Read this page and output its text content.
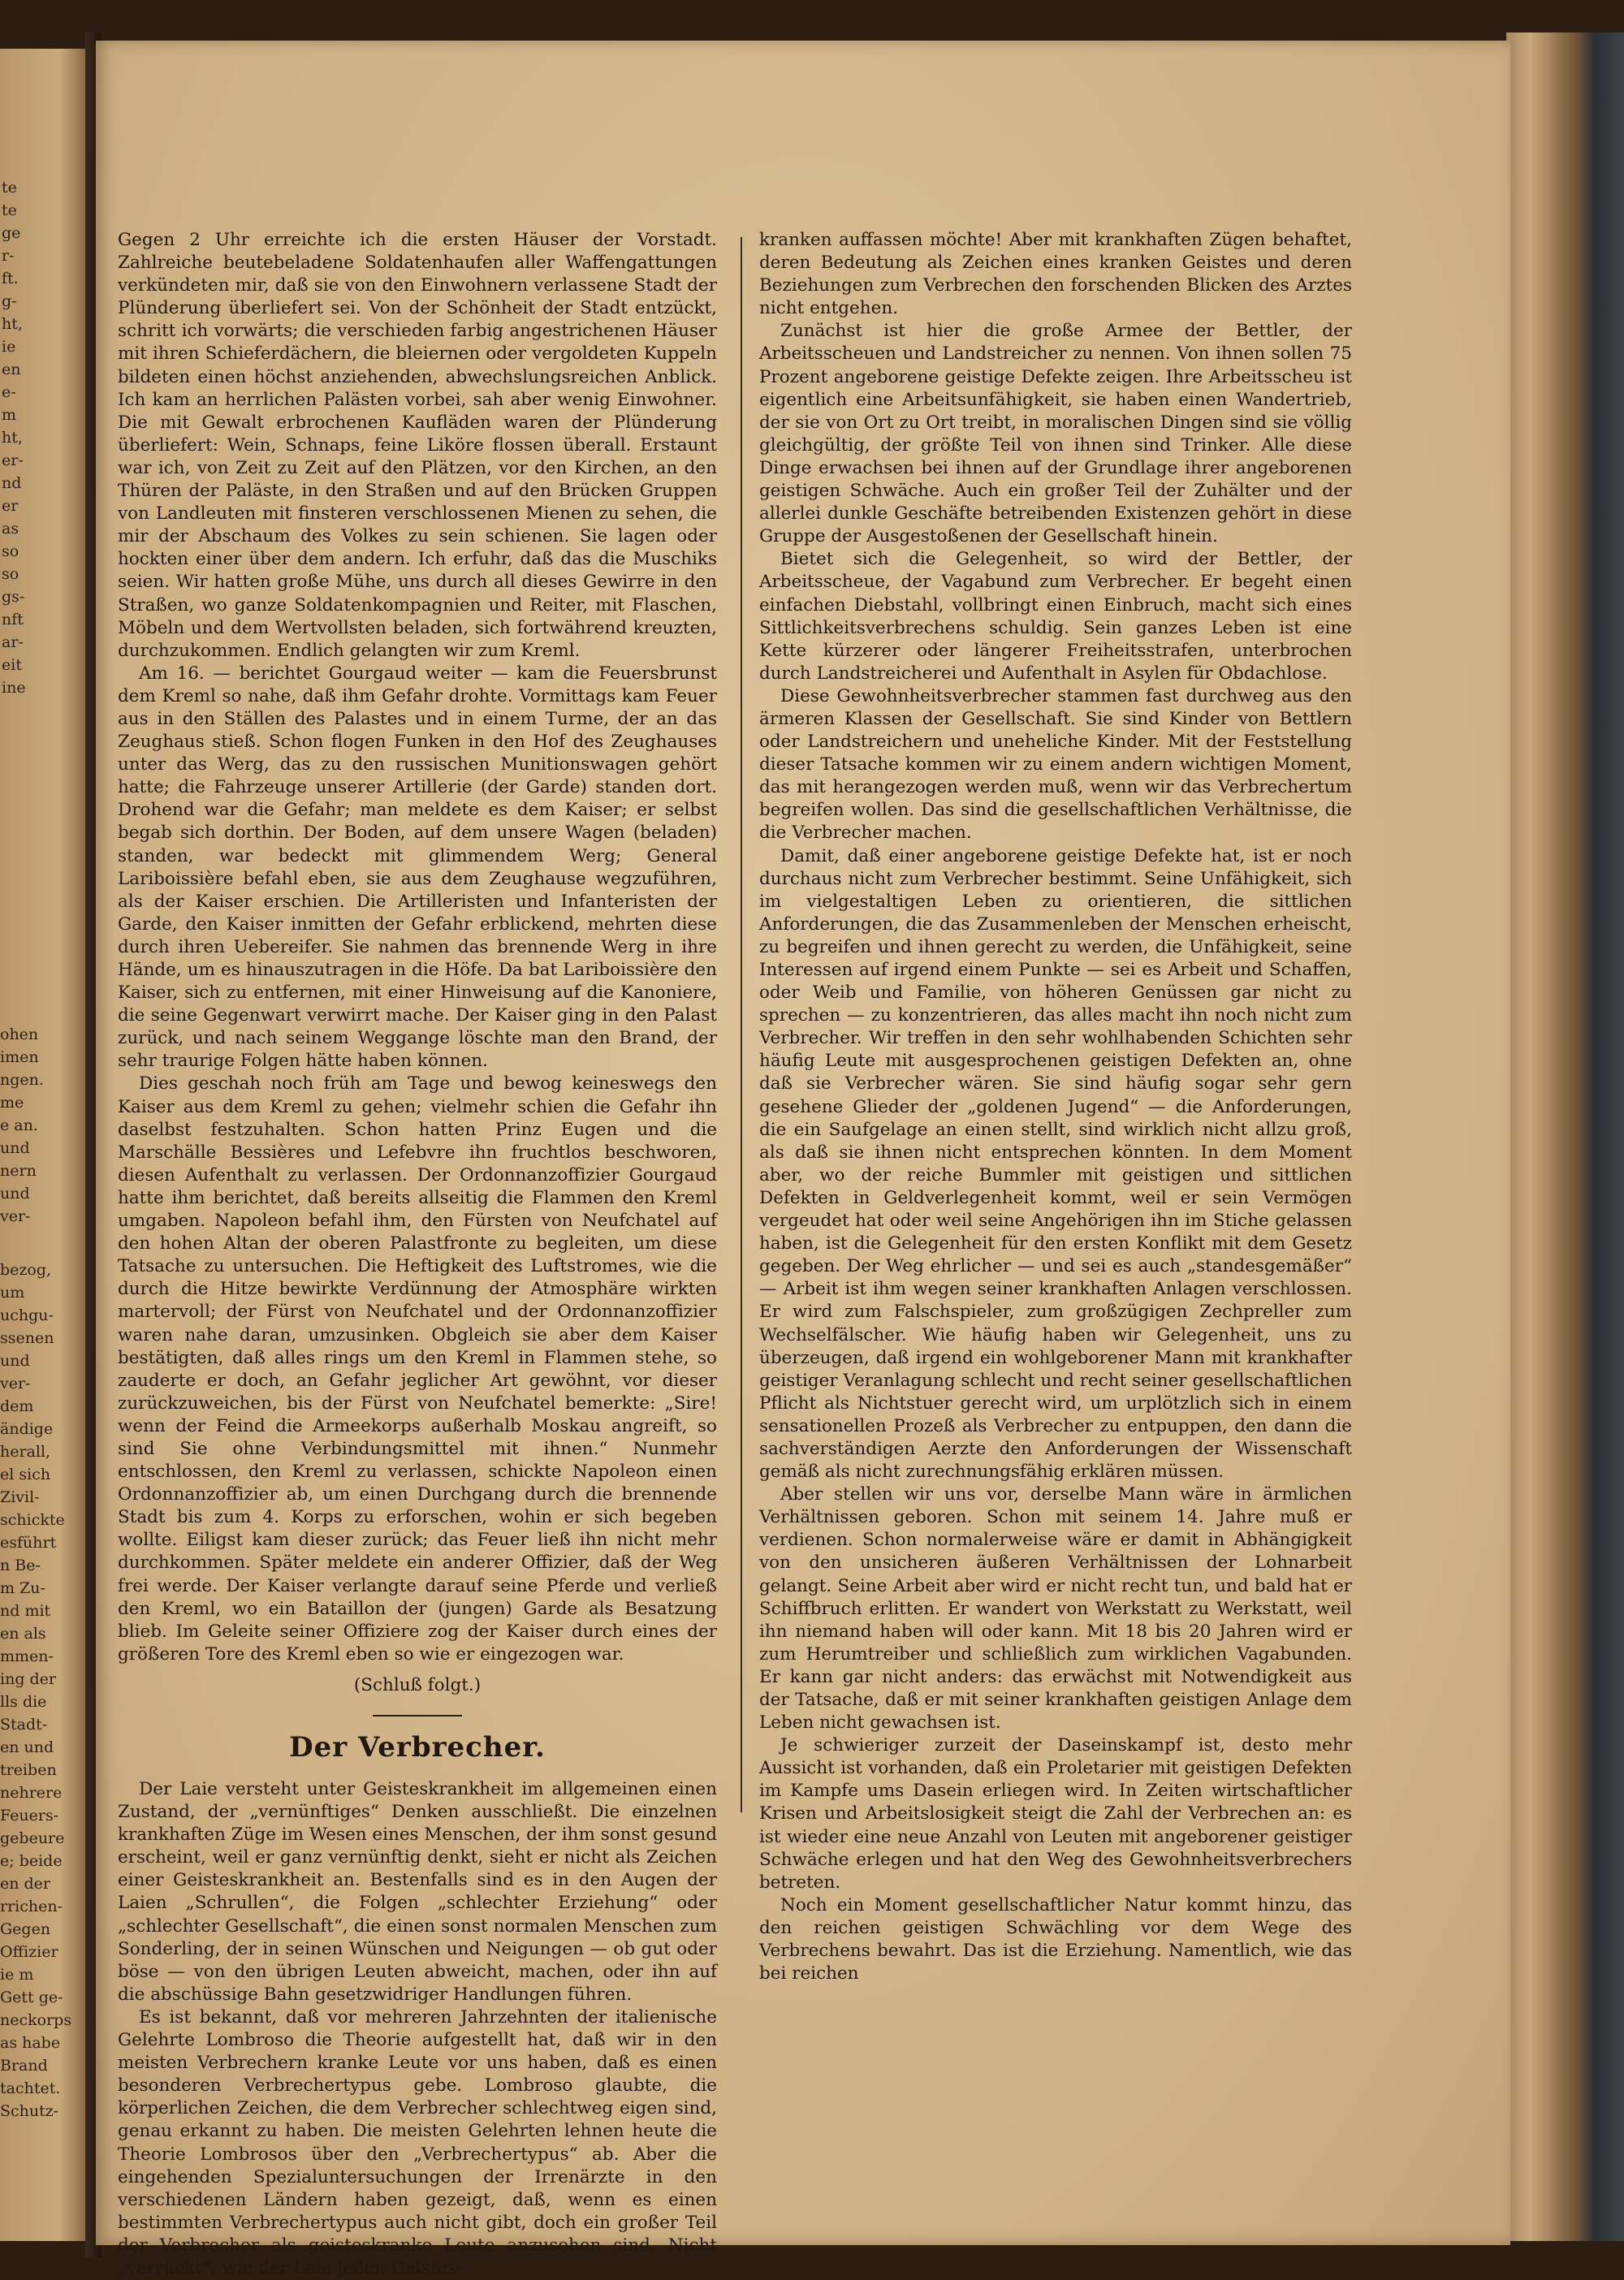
te
te
ge
r-
ft.
g-
ht,
ie
en
e-
m
ht,
er-
nd
er
as
so
so
gs-
nft
ar-
eit
ine
ohen
imen
ngen.
me
e an.
und
nern
und
ver-
bezog,
um
uchgu-
ssenen
und
ver-
dem
ändige
herall,
el sich
Zivil-
schickte
esführt
n Be-
m Zu-
nd mit
en als
mmen-
ing der
lls die
Stadt-
en und
treiben
nehrere
Feuers-
gebeure
e; beide
en der
rrichen-
Gegen
Offizier
ie m
Gett ge-
neckorps
as habe
Brand
tachtet.
Schutz-

Gegen 2 Uhr erreichte ich die ersten Häuser der Vorstadt. Zahlreiche beutebeladene Soldatenhaufen aller Waffengattungen verkündeten mir, daß sie von den Einwohnern verlassene Stadt der Plünderung überliefert sei. Von der Schönheit der Stadt entzückt, schritt ich vorwärts; die verschieden farbig angestrichenen Häuser mit ihren Schieferdächern, die bleiernen oder vergoldeten Kuppeln bildeten einen höchst anziehenden, abwechslungsreichen Anblick. Ich kam an herrlichen Palästen vorbei, sah aber wenig Einwohner. Die mit Gewalt erbrochenen Kaufläden waren der Plünderung überliefert: Wein, Schnaps, feine Liköre flossen überall. Erstaunt war ich, von Zeit zu Zeit auf den Plätzen, vor den Kirchen, an den Thüren der Paläste, in den Straßen und auf den Brücken Gruppen von Landleuten mit finsteren verschlossenen Mienen zu sehen, die mir der Abschaum des Volkes zu sein schienen. Sie lagen oder hockten einer über dem andern. Ich erfuhr, daß das die Muschiks seien. Wir hatten große Mühe, uns durch all dieses Gewirre in den Straßen, wo ganze Soldatenkompagnien und Reiter, mit Flaschen, Möbeln und dem Wertvollsten beladen, sich fortwährend kreuzten, durchzukommen. Endlich gelangten wir zum Kreml.

Am 16. — berichtet Gourgaud weiter — kam die Feuersbrunst dem Kreml so nahe, daß ihm Gefahr drohte. Vormittags kam Feuer aus in den Ställen des Palastes und in einem Turme, der an das Zeughaus stieß. Schon flogen Funken in den Hof des Zeughauses unter das Werg, das zu den russischen Munitionswagen gehört hatte; die Fahrzeuge unserer Artillerie (der Garde) standen dort. Drohend war die Gefahr; man meldete es dem Kaiser; er selbst begab sich dorthin. Der Boden, auf dem unsere Wagen (beladen) standen, war bedeckt mit glimmendem Werg; General Lariboissière befahl eben, sie aus dem Zeughause wegzuführen, als der Kaiser erschien. Die Artilleristen und Infanteristen der Garde, den Kaiser inmitten der Gefahr erblickend, mehrten diese durch ihren Uebereifer. Sie nahmen das brennende Werg in ihre Hände, um es hinauszutragen in die Höfe. Da bat Lariboissière den Kaiser, sich zu entfernen, mit einer Hinweisung auf die Kanoniere, die seine Gegenwart verwirrt mache. Der Kaiser ging in den Palast zurück, und nach seinem Weggange löschte man den Brand, der sehr traurige Folgen hätte haben können.

Dies geschah noch früh am Tage und bewog keineswegs den Kaiser aus dem Kreml zu gehen; vielmehr schien die Gefahr ihn daselbst festzuhalten. Schon hatten Prinz Eugen und die Marschälle Bessières und Lefebvre ihn fruchtlos beschworen, diesen Aufenthalt zu verlassen. Der Ordonnanzoffizier Gourgaud hatte ihm berichtet, daß bereits allseitig die Flammen den Kreml umgaben. Napoleon befahl ihm, den Fürsten von Neufchatel auf den hohen Altan der oberen Palastfronte zu begleiten, um diese Tatsache zu untersuchen. Die Heftigkeit des Luftstromes, wie die durch die Hitze bewirkte Verdünnung der Atmosphäre wirkten martervoll; der Fürst von Neufchatel und der Ordonnanzoffizier waren nahe daran, umzusinken. Obgleich sie aber dem Kaiser bestätigten, daß alles rings um den Kreml in Flammen stehe, so zauderte er doch, an Gefahr jeglicher Art gewöhnt, vor dieser zurückzuweichen, bis der Fürst von Neufchatel bemerkte: „Sire! wenn der Feind die Armeekorps außerhalb Moskau angreift, so sind Sie ohne Verbindungsmittel mit ihnen.“ Nunmehr entschlossen, den Kreml zu verlassen, schickte Napoleon einen Ordonnanzoffizier ab, um einen Durchgang durch die brennende Stadt bis zum 4. Korps zu erforschen, wohin er sich begeben wollte. Eiligst kam dieser zurück; das Feuer ließ ihn nicht mehr durchkommen. Später meldete ein anderer Offizier, daß der Weg frei werde. Der Kaiser verlangte darauf seine Pferde und verließ den Kreml, wo ein Bataillon der (jungen) Garde als Besatzung blieb. Im Geleite seiner Offiziere zog der Kaiser durch eines der größeren Tore des Kreml eben so wie er eingezogen war.

(Schluß folgt.)

Der Verbrecher.

Der Laie versteht unter Geisteskrankheit im allgemeinen einen Zustand, der „vernünftiges“ Denken ausschließt. Die einzelnen krankhaften Züge im Wesen eines Menschen, der ihm sonst gesund erscheint, weil er ganz vernünftig denkt, sieht er nicht als Zeichen einer Geisteskrankheit an. Bestenfalls sind es in den Augen der Laien „Schrullen“, die Folgen „schlechter Erziehung“ oder „schlechter Gesellschaft“, die einen sonst normalen Menschen zum Sonderling, der in seinen Wünschen und Neigungen — ob gut oder böse — von den übrigen Leuten abweicht, machen, oder ihn auf die abschüssige Bahn gesetzwidriger Handlungen führen.

Es ist bekannt, daß vor mehreren Jahrzehnten der italienische Gelehrte Lombroso die Theorie aufgestellt hat, daß wir in den meisten Verbrechern kranke Leute vor uns haben, daß es einen besonderen Verbrechertypus gebe. Lombroso glaubte, die körperlichen Zeichen, die dem Verbrecher schlechtweg eigen sind, genau erkannt zu haben. Die meisten Gelehrten lehnen heute die Theorie Lombrosos über den „Verbrechertypus“ ab. Aber die eingehenden Spezialuntersuchungen der Irrenärzte in den verschiedenen Ländern haben gezeigt, daß, wenn es einen bestimmten Verbrechertypus auch nicht gibt, doch ein großer Teil der Verbrecher als geisteskranke Leute anzusehen sind. Nicht „verrückt“, wie der Laie jeden Geistes-

kranken auffassen möchte! Aber mit krankhaften Zügen behaftet, deren Bedeutung als Zeichen eines kranken Geistes und deren Beziehungen zum Verbrechen den forschenden Blicken des Arztes nicht entgehen.

Zunächst ist hier die große Armee der Bettler, der Arbeitsscheuen und Landstreicher zu nennen. Von ihnen sollen 75 Prozent angeborene geistige Defekte zeigen. Ihre Arbeitsscheu ist eigentlich eine Arbeitsunfähigkeit, sie haben einen Wandertrieb, der sie von Ort zu Ort treibt, in moralischen Dingen sind sie völlig gleichgültig, der größte Teil von ihnen sind Trinker. Alle diese Dinge erwachsen bei ihnen auf der Grundlage ihrer angeborenen geistigen Schwäche. Auch ein großer Teil der Zuhälter und der allerlei dunkle Geschäfte betreibenden Existenzen gehört in diese Gruppe der Ausgestoßenen der Gesellschaft hinein.

Bietet sich die Gelegenheit, so wird der Bettler, der Arbeitsscheue, der Vagabund zum Verbrecher. Er begeht einen einfachen Diebstahl, vollbringt einen Einbruch, macht sich eines Sittlichkeitsverbrechens schuldig. Sein ganzes Leben ist eine Kette kürzerer oder längerer Freiheitsstrafen, unterbrochen durch Landstreicherei und Aufenthalt in Asylen für Obdachlose.

Diese Gewohnheitsverbrecher stammen fast durchweg aus den ärmeren Klassen der Gesellschaft. Sie sind Kinder von Bettlern oder Landstreichern und uneheliche Kinder. Mit der Feststellung dieser Tatsache kommen wir zu einem andern wichtigen Moment, das mit herangezogen werden muß, wenn wir das Verbrechertum begreifen wollen. Das sind die gesellschaftlichen Verhältnisse, die die Verbrecher machen.

Damit, daß einer angeborene geistige Defekte hat, ist er noch durchaus nicht zum Verbrecher bestimmt. Seine Unfähigkeit, sich im vielgestaltigen Leben zu orientieren, die sittlichen Anforderungen, die das Zusammenleben der Menschen erheischt, zu begreifen und ihnen gerecht zu werden, die Unfähigkeit, seine Interessen auf irgend einem Punkte — sei es Arbeit und Schaffen, oder Weib und Familie, von höheren Genüssen gar nicht zu sprechen — zu konzentrieren, das alles macht ihn noch nicht zum Verbrecher. Wir treffen in den sehr wohlhabenden Schichten sehr häufig Leute mit ausgesprochenen geistigen Defekten an, ohne daß sie Verbrecher wären. Sie sind häufig sogar sehr gern gesehene Glieder der „goldenen Jugend“ — die Anforderungen, die ein Saufgelage an einen stellt, sind wirklich nicht allzu groß, als daß sie ihnen nicht entsprechen könnten. In dem Moment aber, wo der reiche Bummler mit geistigen und sittlichen Defekten in Geldverlegenheit kommt, weil er sein Vermögen vergeudet hat oder weil seine Angehörigen ihn im Stiche gelassen haben, ist die Gelegenheit für den ersten Konflikt mit dem Gesetz gegeben. Der Weg ehrlicher — und sei es auch „standesgemäßer“ — Arbeit ist ihm wegen seiner krankhaften Anlagen verschlossen. Er wird zum Falschspieler, zum großzügigen Zechpreller zum Wechselfälscher. Wie häufig haben wir Gelegenheit, uns zu überzeugen, daß irgend ein wohlgeborener Mann mit krankhafter geistiger Veranlagung schlecht und recht seiner gesellschaftlichen Pflicht als Nichtstuer gerecht wird, um urplötzlich sich in einem sensationellen Prozeß als Verbrecher zu entpuppen, den dann die sachverständigen Aerzte den Anforderungen der Wissenschaft gemäß als nicht zurechnungsfähig erklären müssen.

Aber stellen wir uns vor, derselbe Mann wäre in ärmlichen Verhältnissen geboren. Schon mit seinem 14. Jahre muß er verdienen. Schon normalerweise wäre er damit in Abhängigkeit von den unsicheren äußeren Verhältnissen der Lohnarbeit gelangt. Seine Arbeit aber wird er nicht recht tun, und bald hat er Schiffbruch erlitten. Er wandert von Werkstatt zu Werkstatt, weil ihn niemand haben will oder kann. Mit 18 bis 20 Jahren wird er zum Herumtreiber und schließlich zum wirklichen Vagabunden. Er kann gar nicht anders: das erwächst mit Notwendigkeit aus der Tatsache, daß er mit seiner krankhaften geistigen Anlage dem Leben nicht gewachsen ist.

Je schwieriger zurzeit der Daseinskampf ist, desto mehr Aussicht ist vorhanden, daß ein Proletarier mit geistigen Defekten im Kampfe ums Dasein erliegen wird. In Zeiten wirtschaftlicher Krisen und Arbeitslosigkeit steigt die Zahl der Verbrechen an: es ist wieder eine neue Anzahl von Leuten mit angeborener geistiger Schwäche erlegen und hat den Weg des Gewohnheitsverbrechers betreten.

Noch ein Moment gesellschaftlicher Natur kommt hinzu, das den reichen geistigen Schwächling vor dem Wege des Verbrechens bewahrt. Das ist die Erziehung. Namentlich, wie das bei reichen
